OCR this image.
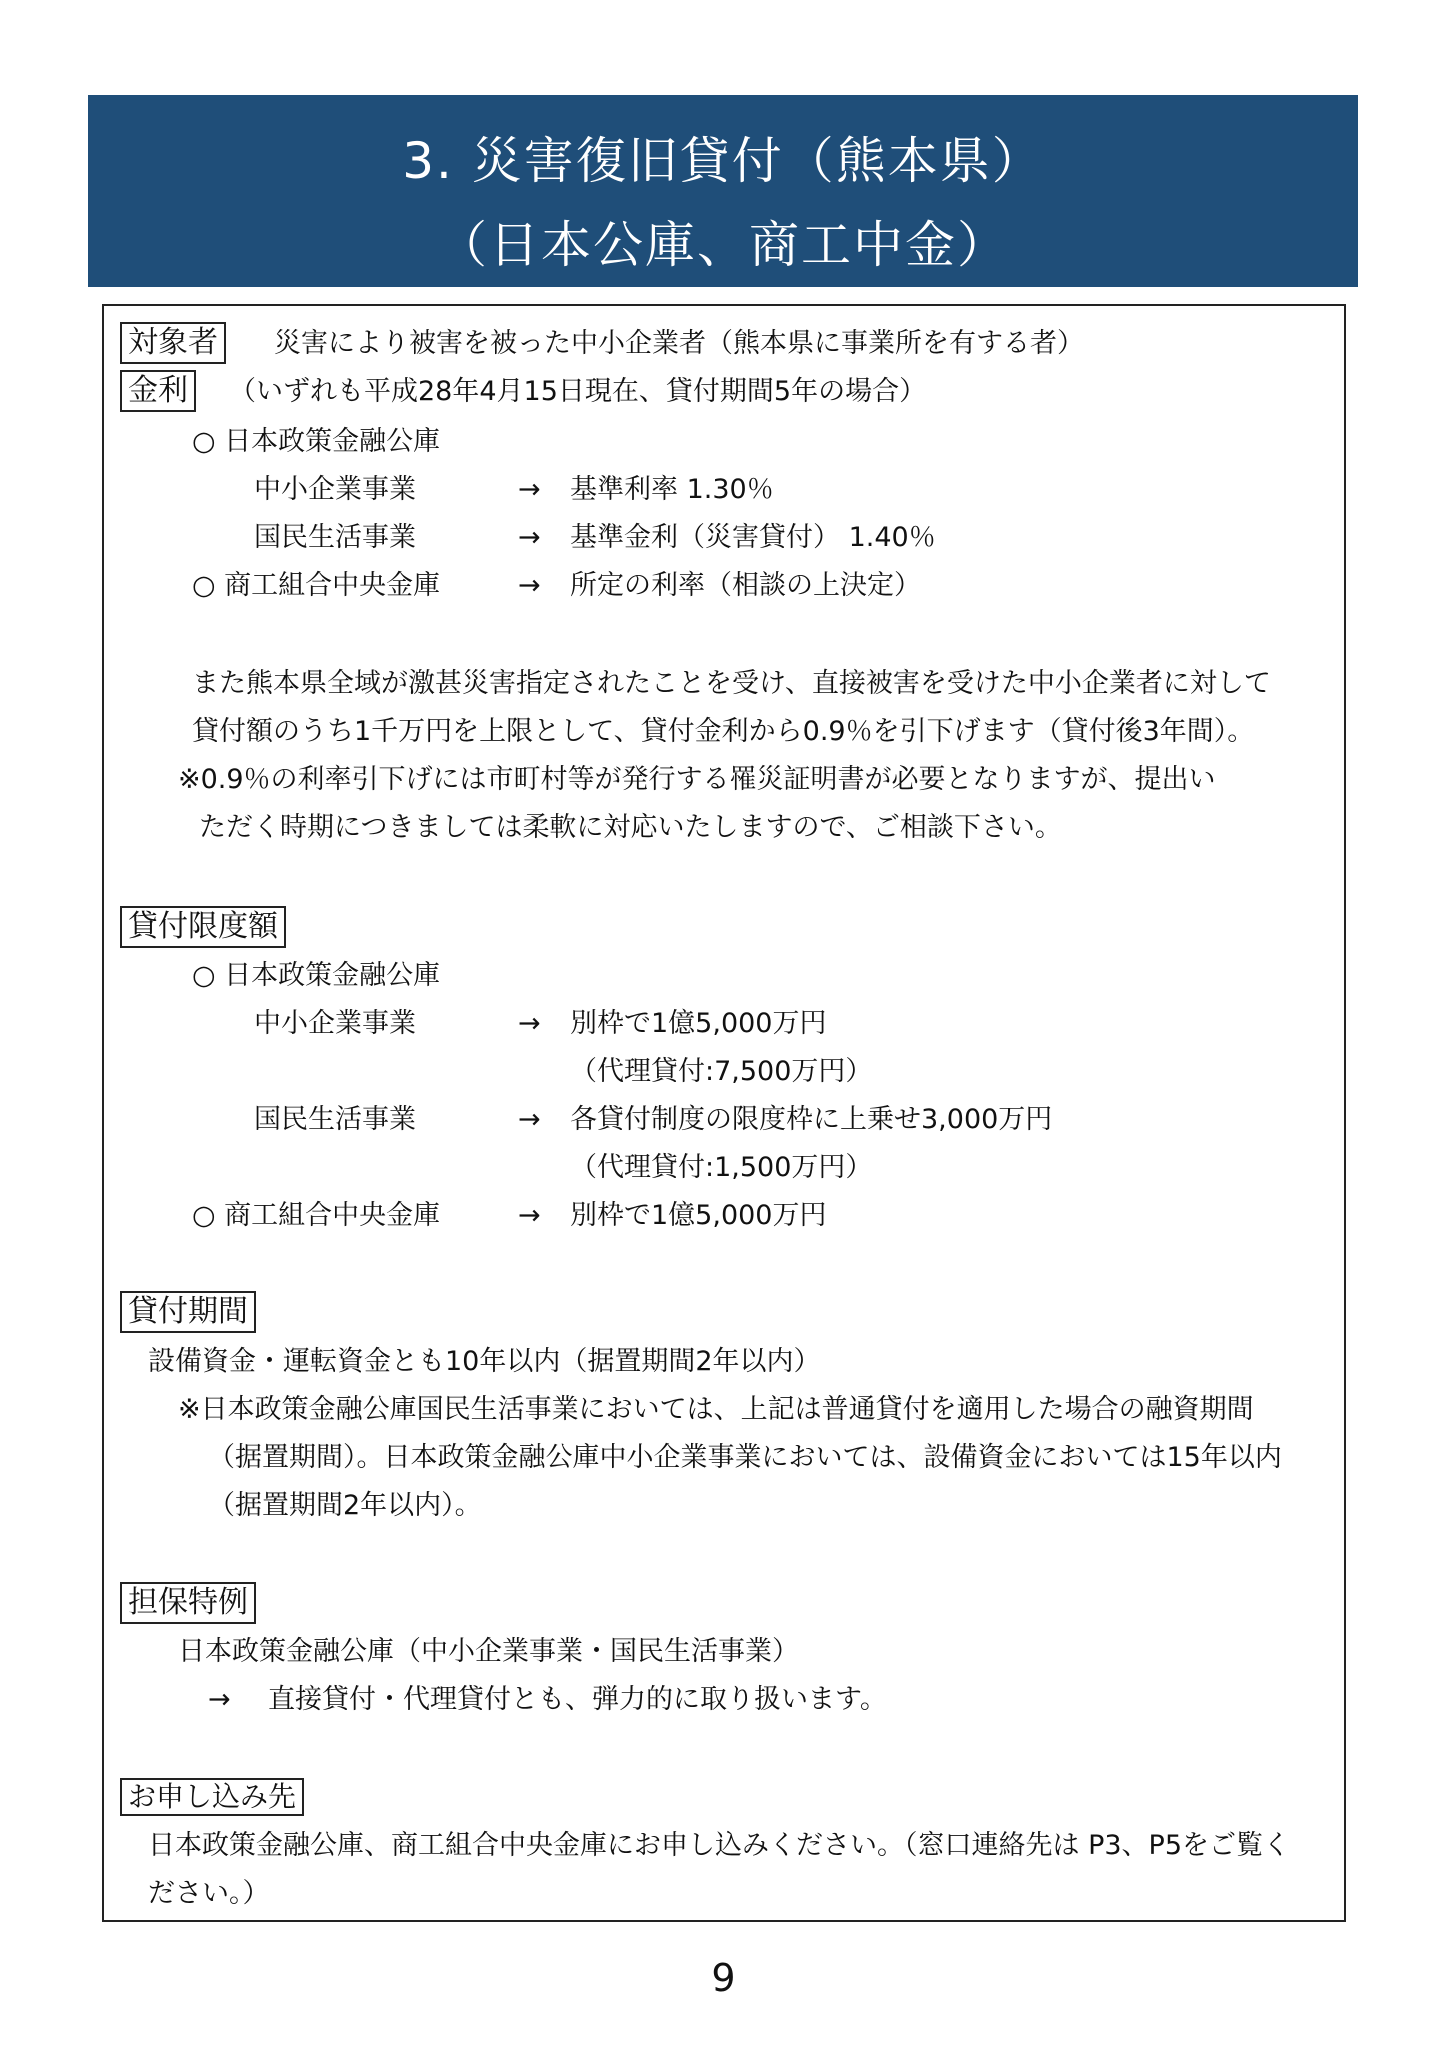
3. 災害復旧貸付（熊本県）
（日本公庫、商工中金）
対象者 災害により被害を被った中小企業者（熊本県に事業所を有する者）
金利 （いずれも平成28年4月15日現在、貸付期間5年の場合）
○ 日本政策金融公庫
中小企業事業	→ 基準利率 1.30％
国民生活事業	→ 基準金利（災害貸付） 1.40％
○ 商工組合中央金庫	→ 所定の利率（相談の上決定）
また熊本県全域が激甚災害指定されたことを受け、直接被害を受けた中小企業者に対して
貸付額のうち1千万円を上限として、貸付金利から0.9％を引下げます（貸付後3年間）。
※0.9％の利率引下げには市町村等が発行する罹災証明書が必要となりますが、提出い
ただく時期につきましては柔軟に対応いたしますので、ご相談下さい。
貸付限度額
○ 日本政策金融公庫
中小企業事業	→ 別枠で1億5,000万円
（代理貸付:7,500万円）
国民生活事業	→ 各貸付制度の限度枠に上乗せ3,000万円
（代理貸付:1,500万円）
○ 商工組合中央金庫	→ 別枠で1億5,000万円
貸付期間
設備資金・運転資金とも10年以内（据置期間2年以内）
※日本政策金融公庫国民生活事業においては、上記は普通貸付を適用した場合の融資期間
（据置期間）。日本政策金融公庫中小企業事業においては、設備資金においては15年以内
（据置期間2年以内）。
担保特例
日本政策金融公庫（中小企業事業・国民生活事業）
→ 直接貸付・代理貸付とも、弾力的に取り扱います。
お申し込み先
日本政策金融公庫、商工組合中央金庫にお申し込みください。（窓口連絡先は P3、P5をご覧く
ださい。）
9
